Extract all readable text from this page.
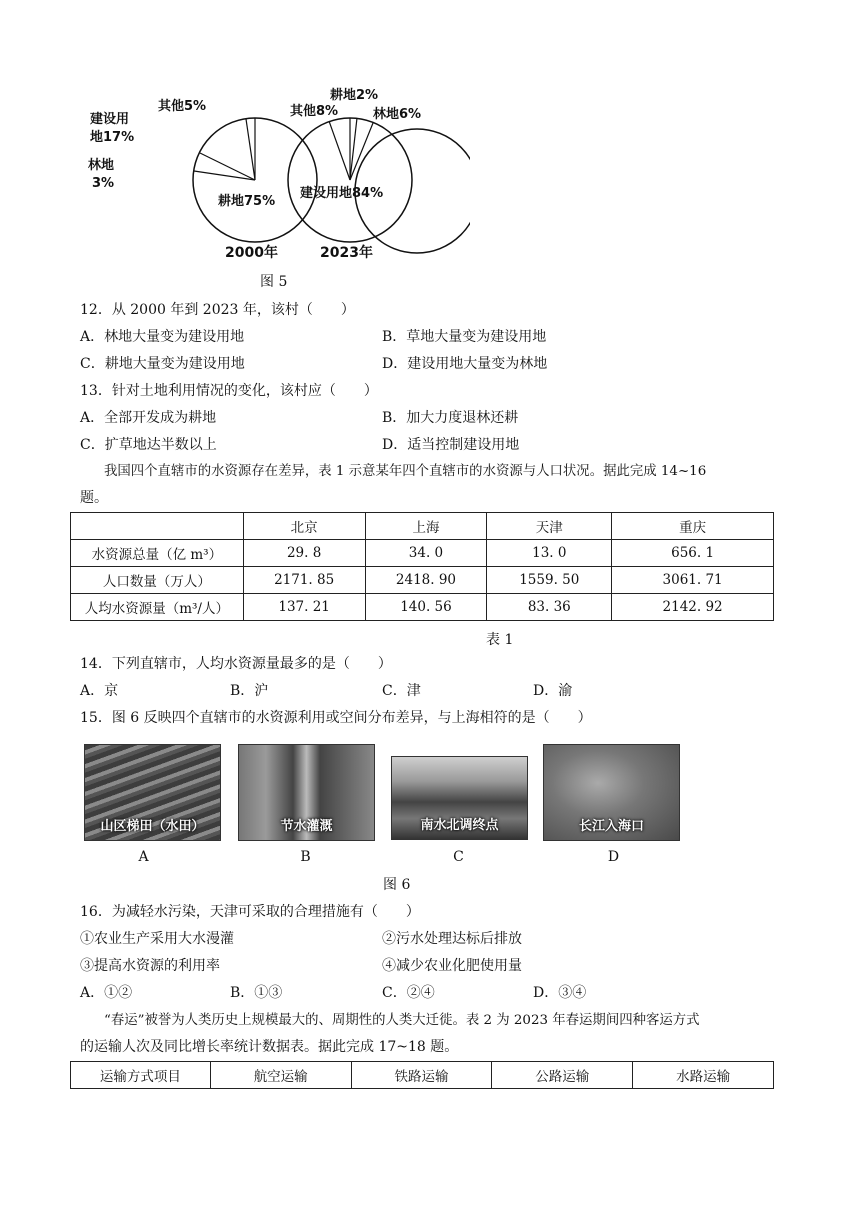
其他5%
建设用
地17%
林地
3%
耕地75%
2000年
耕地2%
其他8%	林地6%
建设用地84%
2023年
图 5
12．从 2000 年到 2023 年，该村（　　）
A．林地大量变为建设用地	B．草地大量变为建设用地
C．耕地大量变为建设用地	D．建设用地大量变为林地
13．针对土地利用情况的变化，该村应（　　）
A．全部开发成为耕地	B．加大力度退林还耕
C．扩草地达半数以上	D．适当控制建设用地
我国四个直辖市的水资源存在差异，表 1 示意某年四个直辖市的水资源与人口状况。据此完成 14~16
题。
	北京	上海	天津	重庆
水资源总量（亿 m³）	29. 8	34. 0	13. 0	656. 1
人口数量（万人）	2171. 85	2418. 90	1559. 50	3061. 71
人均水资源量（m³/人）	137. 21	140. 56	83. 36	2142. 92
表 1
14．下列直辖市，人均水资源量最多的是（　　）
A．京	B．沪	C．津	D．渝
15．图 6 反映四个直辖市的水资源利用或空间分布差异，与上海相符的是（　　）
山区梯田（水田）	节水灌溉	南水北调终点	长江入海口
A	B	C	D
图 6
16．为减轻水污染，天津可采取的合理措施有（　　）
①农业生产采用大水漫灌	②污水处理达标后排放
③提高水资源的利用率	④减少农业化肥使用量
A．①②	B．①③	C．②④	D．③④
“春运”被誉为人类历史上规模最大的、周期性的人类大迁徙。表 2 为 2023 年春运期间四种客运方式
的运输人次及同比增长率统计数据表。据此完成 17~18 题。
运输方式项目	航空运输	铁路运输	公路运输	水路运输
